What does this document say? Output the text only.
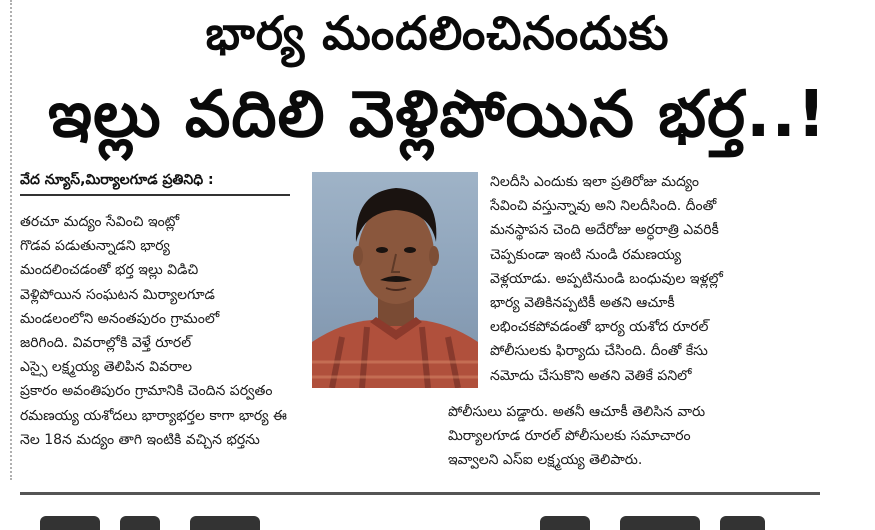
భార్య మందలించినందుకు
ఇల్లు వదిలి వెళ్లిపోయిన భర్త..!
వేద న్యూస్,మిర్యాలగూడ ప్రతినిధి :
తరచూ మద్యం సేవించి ఇంట్లో
గొడవ పడుతున్నాడని భార్య
మందలించడంతో భర్త ఇల్లు విడిచి
వెళ్లిపోయిన సంఘటన మిర్యాలగూడ
మండలంలోని అనంతపురం గ్రామంలో
జరిగింది. వివరాల్లోకి వెళ్తే రూరల్
ఎస్సై లక్ష్మయ్య తెలిపిన వివరాల
ప్రకారం అవంతిపురం గ్రామానికి చెందిన పర్వతం
రమణయ్య యశోదలు భార్యాభర్తల కాగా భార్య ఈ
నెల 18న మద్యం తాగి ఇంటికి వచ్చిన భర్తను
నిలదీసి ఎందుకు ఇలా ప్రతిరోజు మద్యం
సేవించి వస్తున్నావు అని నిలదీసింది. దీంతో
మనస్థాపన చెంది అదేరోజు అర్ధరాత్రి ఎవరికీ
చెప్పకుండా ఇంటి నుండి రమణయ్య
వెళ్లయాడు. అప్పటినుండి బంధువుల ఇళ్లల్లో
భార్య వెతికినప్పటికీ అతని ఆచూకీ
లభించకపోవడంతో భార్య యశోద రూరల్
పోలీసులకు ఫిర్యాదు చేసింది. దీంతో కేసు
నమోదు చేసుకొని అతని వెతికే పనిలో
పోలీసులు పడ్డారు. అతనీ ఆచూకీ తెలిసిన వారు
మిర్యాలగూడ రూరల్ పోలీసులకు సమాచారం
ఇవ్వాలని ఎస్ఐ లక్ష్మయ్య తెలిపారు.
